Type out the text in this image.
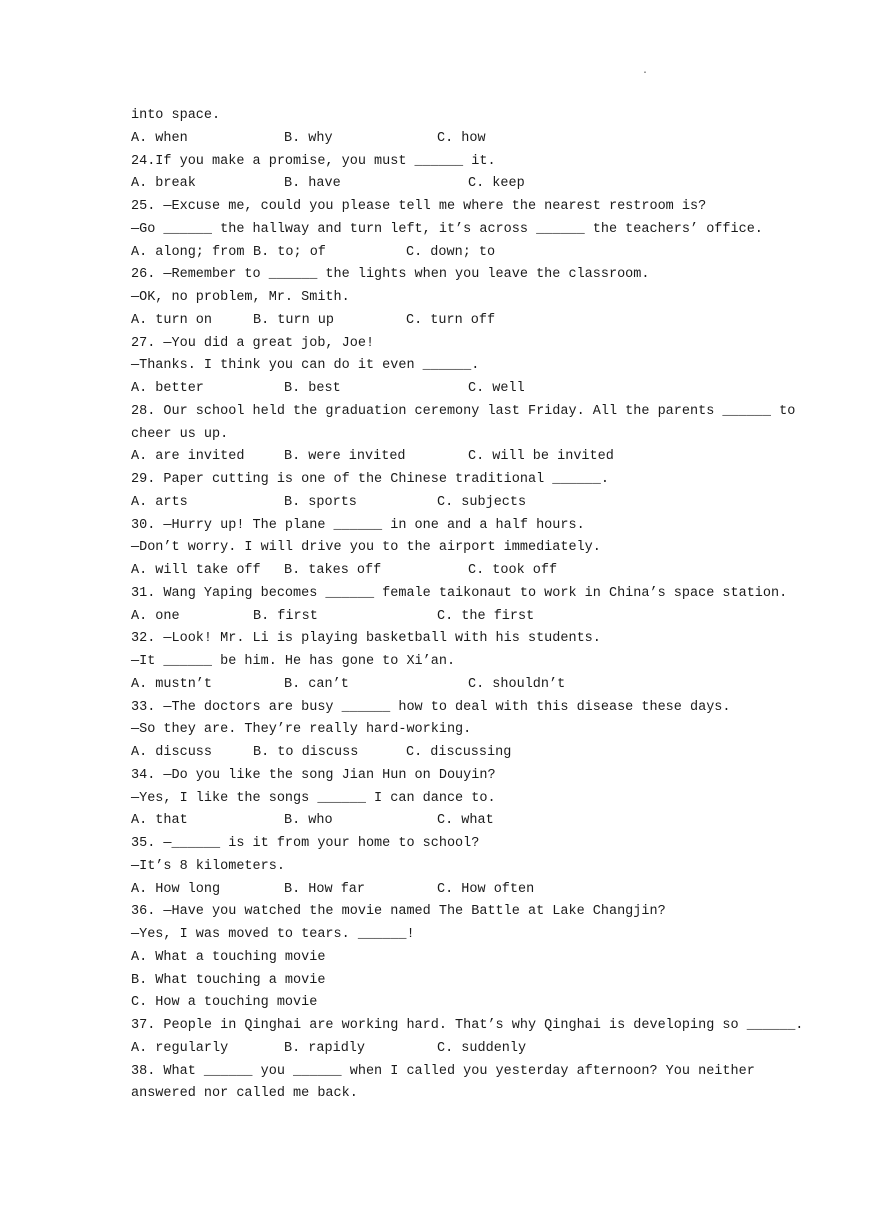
.
into space.
A. when	B. why	C. how
24.If you make a promise, you must ______ it.
A. break	B. have	C. keep
25. —Excuse me, could you please tell me where the nearest restroom is?
—Go ______ the hallway and turn left, it’s across ______ the teachers’ office.
A. along; from B. to; of	C. down; to
26. —Remember to ______ the lights when you leave the classroom.
—OK, no problem, Mr. Smith.
A. turn on	B. turn up	C. turn off
27. —You did a great job, Joe!
—Thanks. I think you can do it even ______.
A. better	B. best	C. well
28. Our school held the graduation ceremony last Friday. All the parents ______ to
cheer us up.
A. are invited	B. were invited	C. will be invited
29. Paper cutting is one of the Chinese traditional ______.
A. arts	B. sports	C. subjects
30. —Hurry up! The plane ______ in one and a half hours.
—Don’t worry. I will drive you to the airport immediately.
A. will take off	B. takes off	C. took off
31. Wang Yaping becomes ______ female taikonaut to work in China’s space station.
A. one	B. first	C. the first
32. —Look! Mr. Li is playing basketball with his students.
—It ______ be him. He has gone to Xi’an.
A. mustn’t	B. can’t	C. shouldn’t
33. —The doctors are busy ______ how to deal with this disease these days.
—So they are. They’re really hard-working.
A. discuss	B. to discuss	C. discussing
34. —Do you like the song Jian Hun on Douyin?
—Yes, I like the songs ______ I can dance to.
A. that	B. who	C. what
35. —______ is it from your home to school?
—It’s 8 kilometers.
A. How long	B. How far	C. How often
36. —Have you watched the movie named The Battle at Lake Changjin?
—Yes, I was moved to tears. ______!
A. What a touching movie
B. What touching a movie
C. How a touching movie
37. People in Qinghai are working hard. That’s why Qinghai is developing so ______.
A. regularly	B. rapidly	C. suddenly
38. What ______ you ______ when I called you yesterday afternoon? You neither
answered nor called me back.
